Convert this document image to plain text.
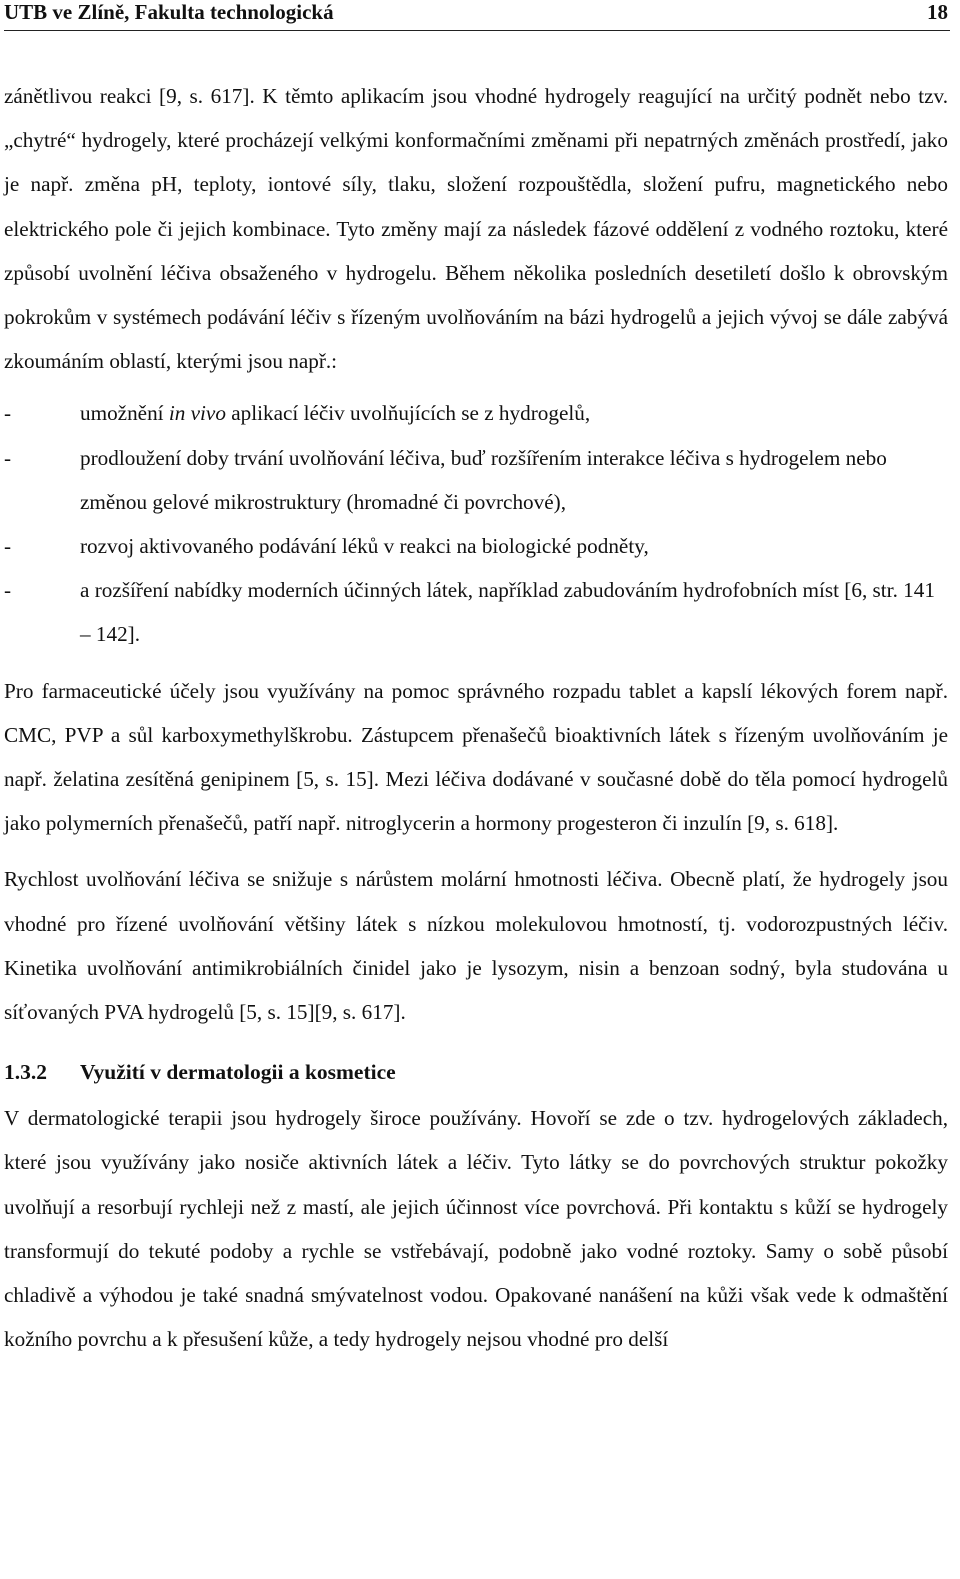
UTB ve Zlíně, Fakulta technologická	18

zánětlivou reakci [9, s. 617]. K těmto aplikacím jsou vhodné hydrogely reagující na určitý podnět nebo tzv. „chytré“ hydrogely, které procházejí velkými konformačními změnami při nepatrných změnách prostředí, jako je např. změna pH, teploty, iontové síly, tlaku, složení rozpouštědla, složení pufru, magnetického nebo elektrického pole či jejich kombinace. Tyto změny mají za následek fázové oddělení z vodného roztoku, které způsobí uvolnění léčiva obsaženého v hydrogelu. Během několika posledních desetiletí došlo k obrovským pokrokům v systémech podávání léčiv s řízeným uvolňováním na bázi hydrogelů a jejich vývoj se dále zabývá zkoumáním oblastí, kterými jsou např.:

-	umožnění in vivo aplikací léčiv uvolňujících se z hydrogelů,
-	prodloužení doby trvání uvolňování léčiva, buď rozšířením interakce léčiva s hydrogelem nebo změnou gelové mikrostruktury (hromadné či povrchové),
-	rozvoj aktivovaného podávání léků v reakci na biologické podněty,
-	a rozšíření nabídky moderních účinných látek, například zabudováním hydrofobních míst [6, str. 141 – 142].

Pro farmaceutické účely jsou využívány na pomoc správného rozpadu tablet a kapslí lékových forem např. CMC, PVP a sůl karboxymethylškrobu. Zástupcem přenašečů bioaktivních látek s řízeným uvolňováním je např. želatina zesítěná genipinem [5, s. 15]. Mezi léčiva dodávané v současné době do těla pomocí hydrogelů jako polymerních přenašečů, patří např. nitroglycerin a hormony progesteron či inzulín [9, s. 618].

Rychlost uvolňování léčiva se snižuje s nárůstem molární hmotnosti léčiva. Obecně platí, že hydrogely jsou vhodné pro řízené uvolňování většiny látek s nízkou molekulovou hmotností, tj. vodorozpustných léčiv. Kinetika uvolňování antimikrobiálních činidel jako je lysozym, nisin a benzoan sodný, byla studována u síťovaných PVA hydrogelů [5, s. 15][9, s. 617].

1.3.2 Využití v dermatologii a kosmetice

V dermatologické terapii jsou hydrogely široce používány. Hovoří se zde o tzv. hydrogelových základech, které jsou využívány jako nosiče aktivních látek a léčiv. Tyto látky se do povrchových struktur pokožky uvolňují a resorbují rychleji než z mastí, ale jejich účinnost více povrchová. Při kontaktu s kůží se hydrogely transformují do tekuté podoby a rychle se vstřebávají, podobně jako vodné roztoky. Samy o sobě působí chladivě a výhodou je také snadná smývatelnost vodou. Opakované nanášení na kůži však vede k odmaštění kožního povrchu a k přesušení kůže, a tedy hydrogely nejsou vhodné pro delší
